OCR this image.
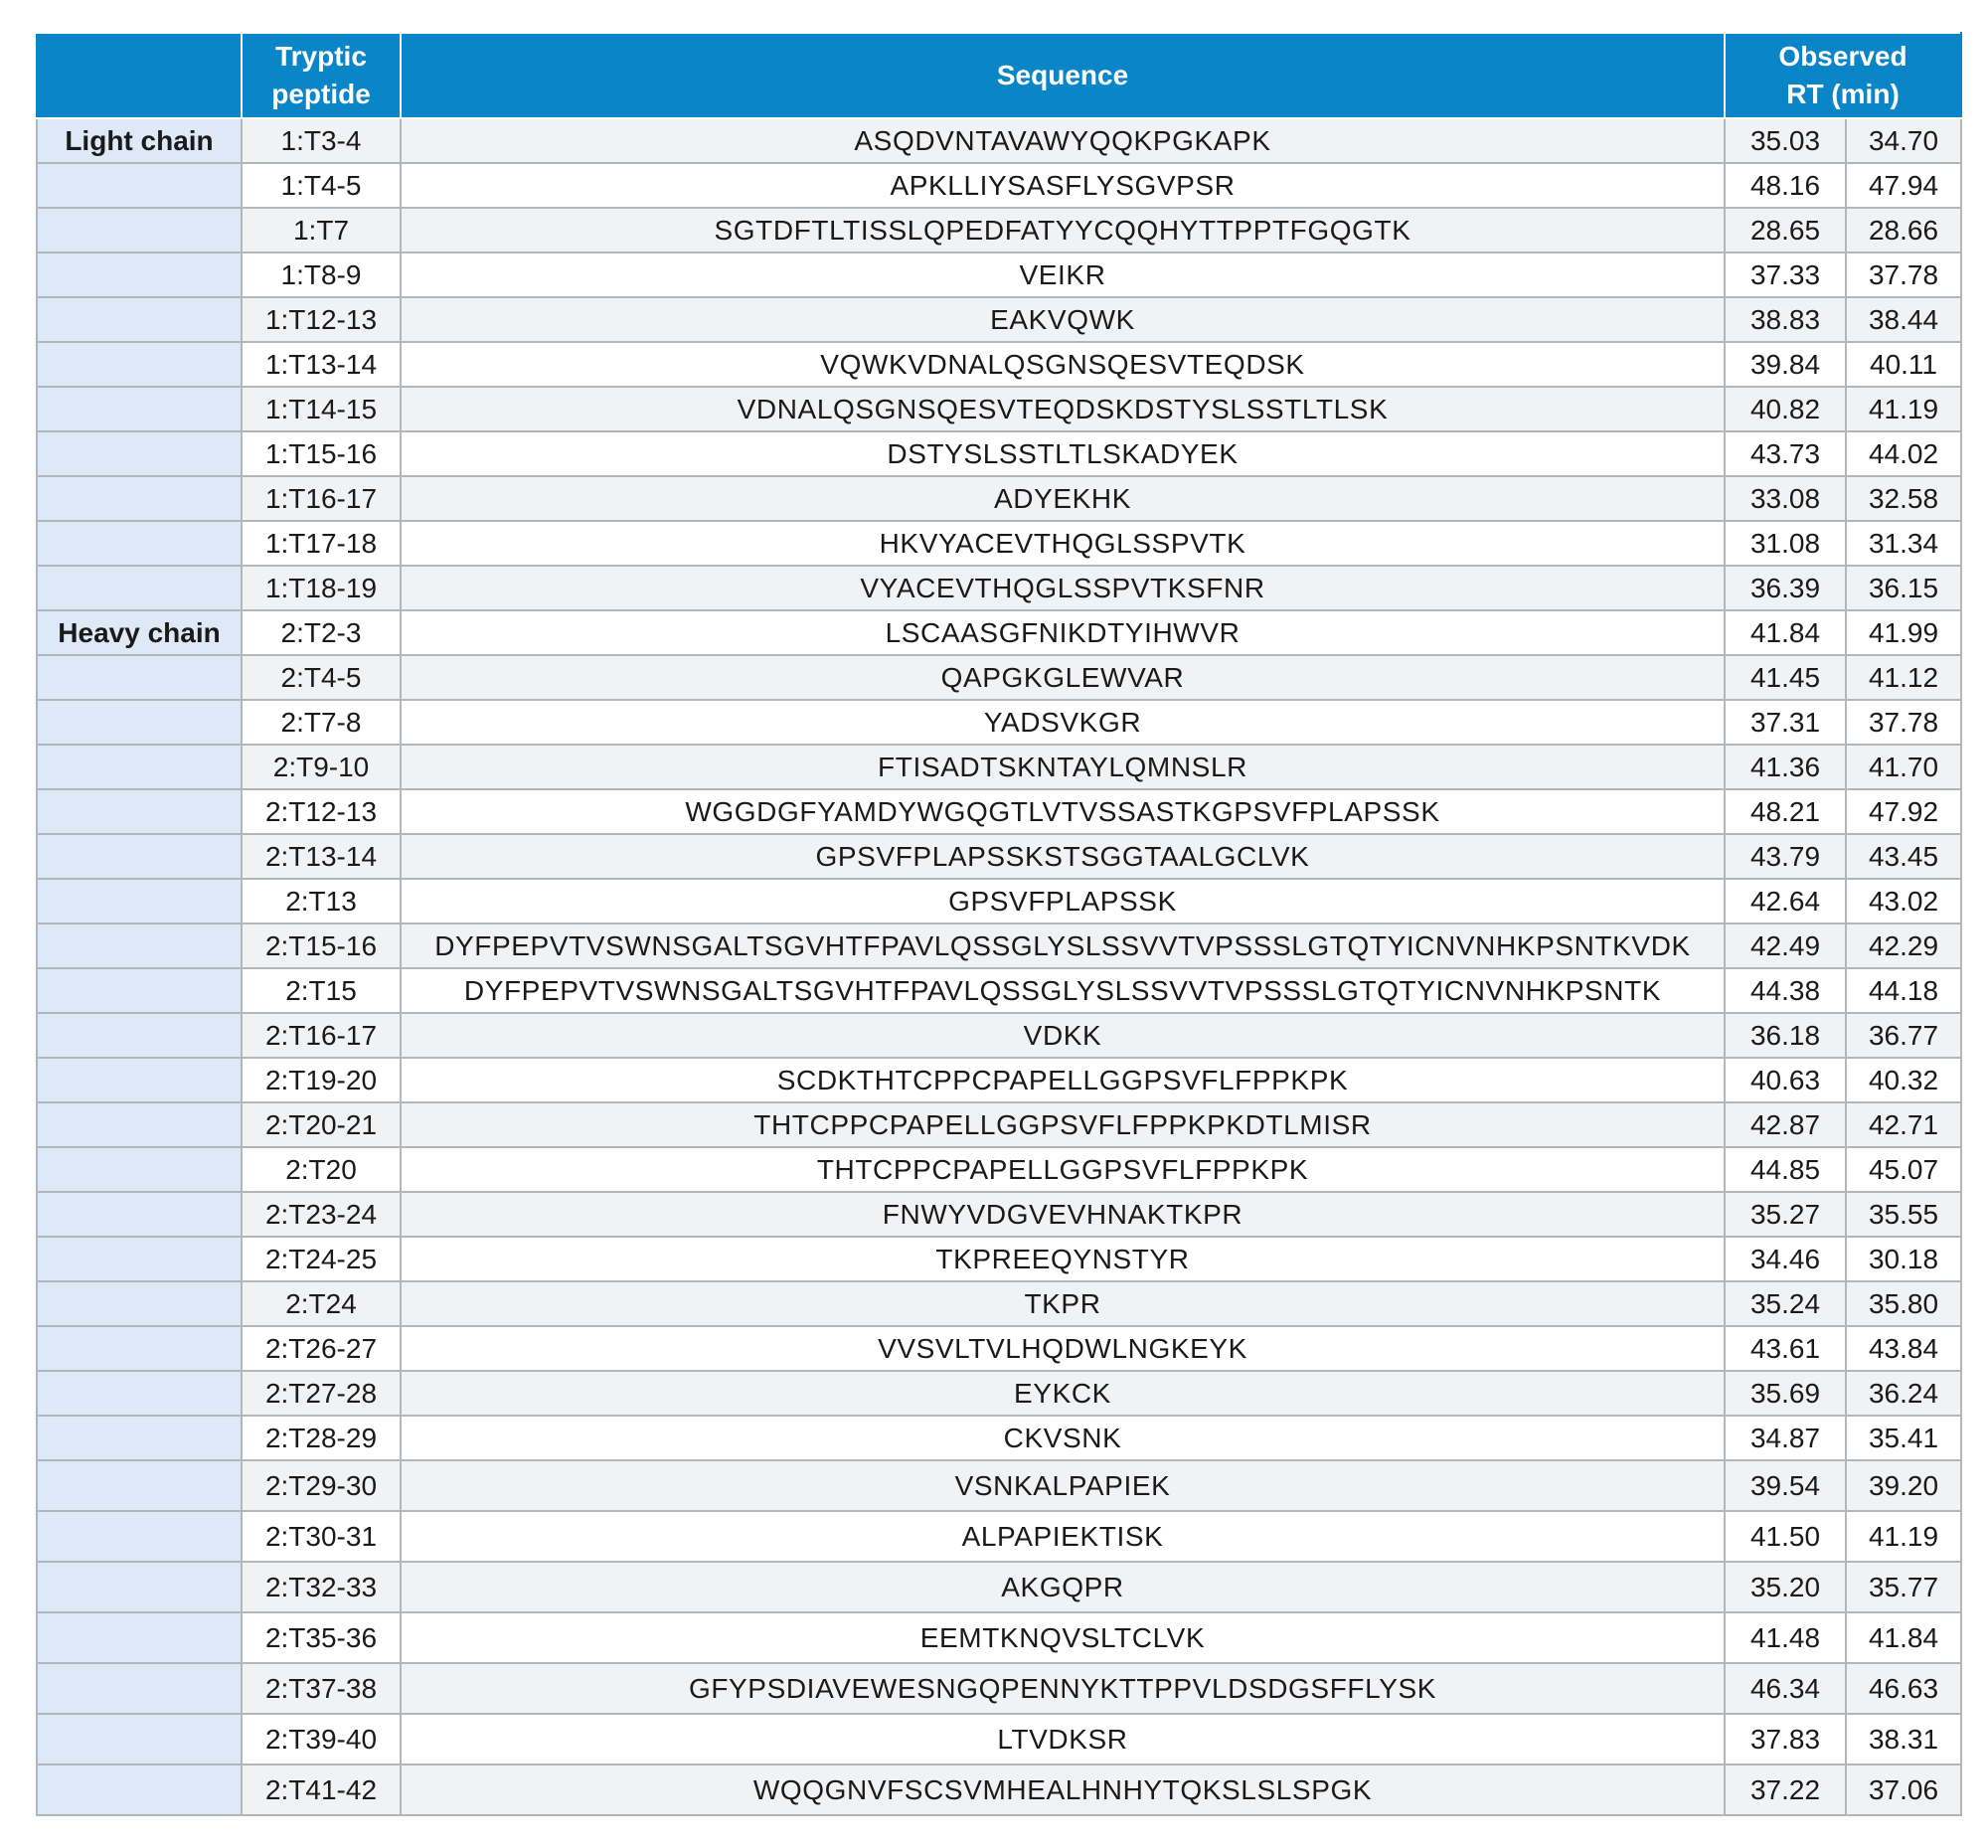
	Tryptic peptide	Sequence	Observed RT (min)	
Light chain	1:T3-4	ASQDVNTAVAWYQQKPGKAPK	35.03	34.70
	1:T4-5	APKLLIYSASFLYSGVPSR	48.16	47.94
	1:T7	SGTDFTLTISSLQPEDFATYYCQQHYTTPPTFGQGTK	28.65	28.66
	1:T8-9	VEIKR	37.33	37.78
	1:T12-13	EAKVQWK	38.83	38.44
	1:T13-14	VQWKVDNALQSGNSQESVTEQDSK	39.84	40.11
	1:T14-15	VDNALQSGNSQESVTEQDSKDSTYSLSSTLTLSK	40.82	41.19
	1:T15-16	DSTYSLSSTLTLSKADYEK	43.73	44.02
	1:T16-17	ADYEKHK	33.08	32.58
	1:T17-18	HKVYACEVTHQGLSSPVTK	31.08	31.34
	1:T18-19	VYACEVTHQGLSSPVTKSFNR	36.39	36.15
Heavy chain	2:T2-3	LSCAASGFNIKDTYIHWVR	41.84	41.99
	2:T4-5	QAPGKGLEWVAR	41.45	41.12
	2:T7-8	YADSVKGR	37.31	37.78
	2:T9-10	FTISADTSKNTAYLQMNSLR	41.36	41.70
	2:T12-13	WGGDGFYAMDYWGQGTLVTVSSASTKGPSVFPLAPSSK	48.21	47.92
	2:T13-14	GPSVFPLAPSSKSTSGGTAALGCLVK	43.79	43.45
	2:T13	GPSVFPLAPSSK	42.64	43.02
	2:T15-16	DYFPEPVTVSWNSGALTSGVHTFPAVLQSSGLYSLSSVVTVPSSSLGTQTYICNVNHKPSNTKVDK	42.49	42.29
	2:T15	DYFPEPVTVSWNSGALTSGVHTFPAVLQSSGLYSLSSVVTVPSSSLGTQTYICNVNHKPSNTK	44.38	44.18
	2:T16-17	VDKK	36.18	36.77
	2:T19-20	SCDKTHTCPPCPAPELLGGPSVFLFPPKPK	40.63	40.32
	2:T20-21	THTCPPCPAPELLGGPSVFLFPPKPKDTLMISR	42.87	42.71
	2:T20	THTCPPCPAPELLGGPSVFLFPPKPK	44.85	45.07
	2:T23-24	FNWYVDGVEVHNAKTKPR	35.27	35.55
	2:T24-25	TKPREEQYNSTYR	34.46	30.18
	2:T24	TKPR	35.24	35.80
	2:T26-27	VVSVLTVLHQDWLNGKEYK	43.61	43.84
	2:T27-28	EYKCK	35.69	36.24
	2:T28-29	CKVSNK	34.87	35.41
	2:T29-30	VSNKALPAPIEK	39.54	39.20
	2:T30-31	ALPAPIEKTISK	41.50	41.19
	2:T32-33	AKGQPR	35.20	35.77
	2:T35-36	EEMTKNQVSLTCLVK	41.48	41.84
	2:T37-38	GFYPSDIAVEWESNGQPENNYKTTPPVLDSDGSFFLYSK	46.34	46.63
	2:T39-40	LTVDKSR	37.83	38.31
	2:T41-42	WQQGNVFSCSVMHEALHNHYTQKSLSLSPGK	37.22	37.06
